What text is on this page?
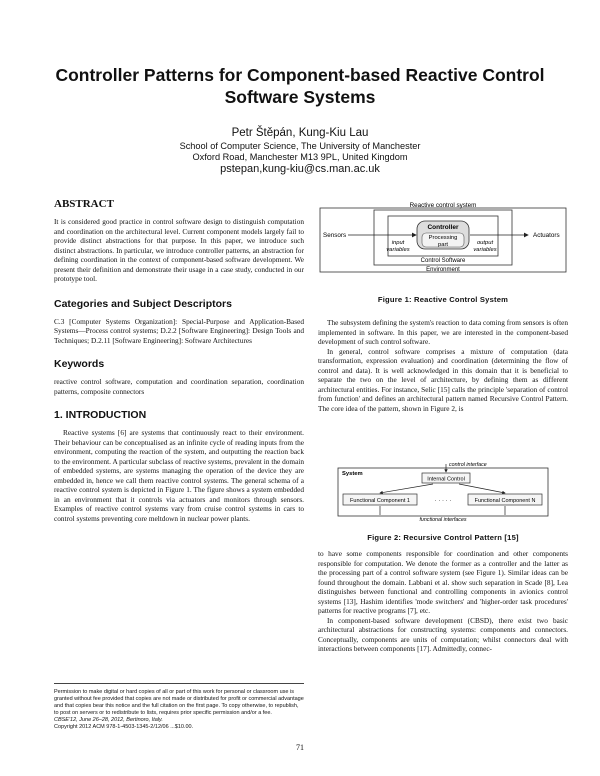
Controller Patterns for Component-based Reactive Control
Software Systems
Petr Štěpán, Kung-Kiu Lau
School of Computer Science, The University of Manchester
Oxford Road, Manchester M13 9PL, United Kingdom
pstepan,kung-kiu@cs.man.ac.uk
ABSTRACT

It is considered good practice in control software design to distinguish computation and coordination on the architectural level. Current component models largely fail to provide distinct abstractions for that purpose. In this paper, we introduce such distinct abstractions. In particular, we introduce controller patterns, an abstraction for defining coordination in the context of component-based software development. We present their definition and demonstrate their usage in a case study, conducted in our prototype tool.

Categories and Subject Descriptors

C.3 [Computer Systems Organization]: Special-Purpose and Application-Based Systems—Process control systems; D.2.2 [Software Engineering]: Design Tools and Techniques; D.2.11 [Software Engineering]: Software Architectures

Keywords

reactive control software, computation and coordination separation, coordination patterns, composite connectors

1. INTRODUCTION

Reactive systems [6] are systems that continuously react to their environment. Their behaviour can be conceptualised as an infinite cycle of reading inputs from the environment, computing the reaction of the system, and outputting the reaction back to the environment. A particular subclass of reactive systems, prevalent in the domain of embedded systems, are systems managing the operation of the device they are embedded in, hence we call them reactive control systems. The general schema of a reactive control system is depicted in Figure 1. The figure shows a system embedded in an environment that it controls via actuators and monitors through sensors. Examples of reactive control systems vary from cruise control systems in cars to control systems preventing core meltdown in nuclear power plants.

Permission to make digital or hard copies of all or part of this work for personal or classroom use is granted without fee provided that copies are not made or distributed for profit or commercial advantage and that copies bear this notice and the full citation on the first page. To copy otherwise, to republish, to post on servers or to redistribute to lists, requires prior specific permission and/or a fee.
CBSE'12, June 26–28, 2012, Bertinoro, Italy.
Copyright 2012 ACM 978-1-4503-1345-2/12/06 ...$10.00.
Reactive control system
Controller
Processing
part
Sensors	Actuators
input
variables
output
variables
Control Software
Environment
Figure 1: Reactive Control System

The subsystem defining the system's reaction to data coming from sensors is often implemented in software. In this paper, we are interested in the component-based development of such control software.

In general, control software comprises a mixture of computation (data transformation, expression evaluation) and coordination (determining the flow of control and data). It is well acknowledged in this domain that it is beneficial to separate the two on the level of architecture, by defining them as different architectural entities. For instance, Selic [15] calls the principle 'separation of control from function' and defines an architectural pattern named Recursive Control Pattern. The core idea of the pattern, shown in Figure 2, is

System
control interface
Internal Control
Functional Component 1	Functional Component N
· · · · ·
functional interfaces
Figure 2: Recursive Control Pattern [15]

to have some components responsible for coordination and other components responsible for computation. We denote the former as a controller and the latter as the processing part of a control software system (see Figure 1). Similar ideas can be found throughout the domain. Labbani et al. show such separation in Scade [8], Lea distinguishes between functional and controlling components in avionics control systems [13], Hashim identifies 'mode switchers' and 'higher-order task procedures' patterns for reactive programs [7], etc.

In component-based software development (CBSD), there exist two basic architectural abstractions for constructing systems: components and connectors. Conceptually, components are units of computation; whilst connectors deal with interactions between components [17]. Admittedly, connec-

71
